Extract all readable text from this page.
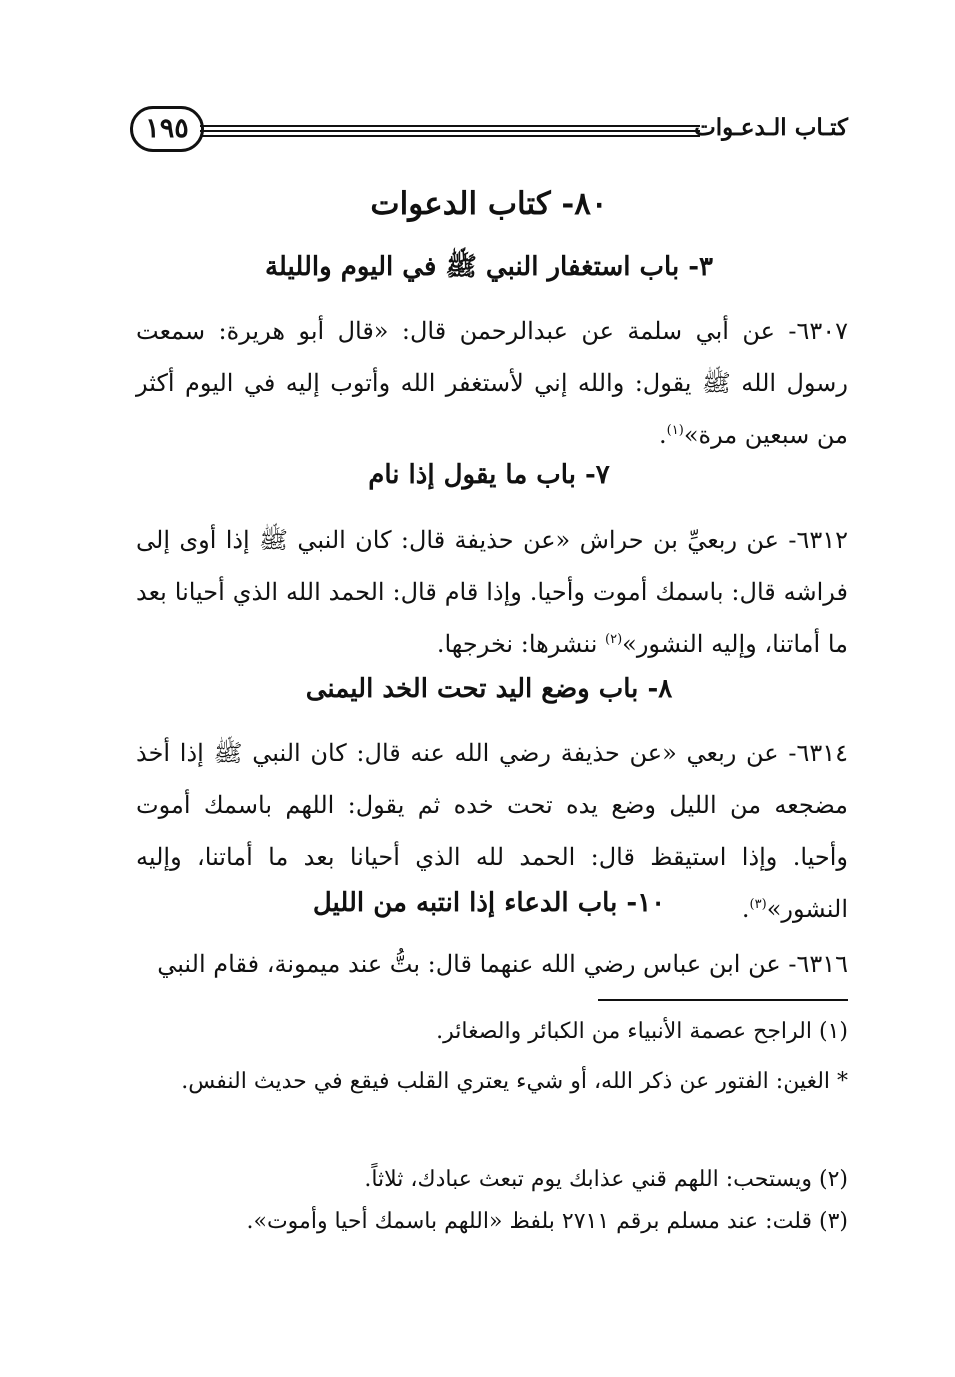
كتـاب الـدعـوات
١٩٥
٨٠- كتاب الدعوات
٣- باب استغفار النبي ﷺ في اليوم والليلة
٦٣٠٧- عن أبي سلمة عن عبدالرحمن قال: «قال أبو هريرة: سمعت رسول الله ﷺ يقول: والله إني لأستغفر الله وأتوب إليه في اليوم أكثر من سبعين مرة»$^{(١)}$.
٧- باب ما يقول إذا نام
٦٣١٢- عن ربعيِّ بن حراش «عن حذيفة قال: كان النبي ﷺ إذا أوى إلى فراشه قال: باسمك أموت وأحيا. وإذا قام قال: الحمد الله الذي أحيانا بعد ما أماتنا، وإليه النشور»$^{(٢)}$ ننشرها: نخرجها.
٨- باب وضع اليد تحت الخد اليمنى
٦٣١٤- عن ربعي «عن حذيفة رضي الله عنه قال: كان النبي ﷺ إذا أخذ مضجعه من الليل وضع يده تحت خده ثم يقول: اللهم باسمك أموت وأحيا. وإذا استيقظ قال: الحمد لله الذي أحيانا بعد ما أماتنا، وإليه النشور»$^{(٣)}$.
١٠- باب الدعاء إذا انتبه من الليل
٦٣١٦- عن ابن عباس رضي الله عنهما قال: بتُّ عند ميمونة، فقام النبي
(١) الراجح عصمة الأنبياء من الكبائر والصغائر.
* الغين: الفتور عن ذكر الله، أو شيء يعتري القلب فيقع في حديث النفس.
(٢) ويستحب: اللهم قني عذابك يوم تبعث عبادك، ثلاثاً.
(٣) قلت: عند مسلم برقم ٢٧١١ بلفظ «اللهم باسمك أحيا وأموت».
